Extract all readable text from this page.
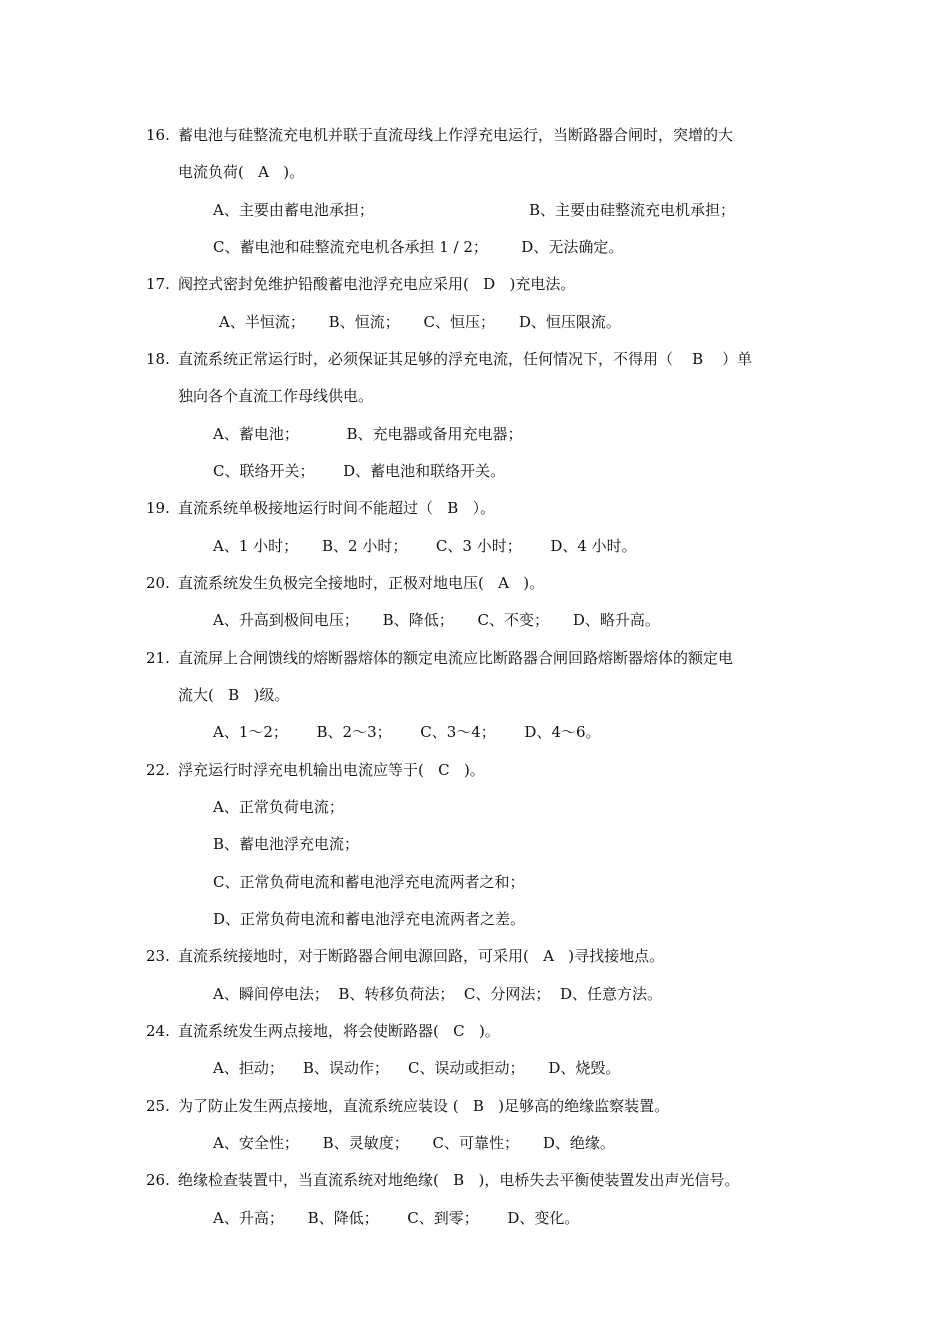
16. 蓄电池与硅整流充电机并联于直流母线上作浮充电运行，当断路器合闸时，突增的大
电流负荷(   A   )。
A、主要由蓄电池承担；	B、主要由硅整流充电机承担；
C、蓄电池和硅整流充电机各承担 1 / 2；       D、无法确定。
17. 阀控式密封免维护铅酸蓄电池浮充电应采用(   D   )充电法。
A、半恒流；     B、恒流；     C、恒压；     D、恒压限流。
18. 直流系统正常运行时，必须保证其足够的浮充电流，任何情况下，不得用（    B    ）单
独向各个直流工作母线供电。
A、蓄电池；          B、充电器或备用充电器；
C、联络开关；      D、蓄电池和联络开关。
19. 直流系统单极接地运行时间不能超过（   B   ）。
A、1 小时；     B、2 小时；      C、3 小时；      D、4 小时。
20. 直流系统发生负极完全接地时，正极对地电压(   A   )。
A、升高到极间电压；     B、降低；     C、不变；     D、略升高。
21. 直流屏上合闸馈线的熔断器熔体的额定电流应比断路器合闸回路熔断器熔体的额定电
流大(   B   )级。
A、1～2；      B、2～3；      C、3～4；      D、4～6。
22. 浮充运行时浮充电机输出电流应等于(   C   )。
A、正常负荷电流；
B、蓄电池浮充电流；
C、正常负荷电流和蓄电池浮充电流两者之和；
D、正常负荷电流和蓄电池浮充电流两者之差。
23. 直流系统接地时，对于断路器合闸电源回路，可采用(   A   )寻找接地点。
A、瞬间停电法；  B、转移负荷法；  C、分网法；  D、任意方法。
24. 直流系统发生两点接地，将会使断路器(   C   )。
A、拒动；    B、误动作；    C、误动或拒动；     D、烧毁。
25. 为了防止发生两点接地，直流系统应装设 (   B   )足够高的绝缘监察装置。
A、安全性；     B、灵敏度；     C、可靠性；     D、绝缘。
26. 绝缘检查装置中，当直流系统对地绝缘(   B   )，电桥失去平衡使装置发出声光信号。
A、升高；     B、降低；      C、到零；      D、变化。
